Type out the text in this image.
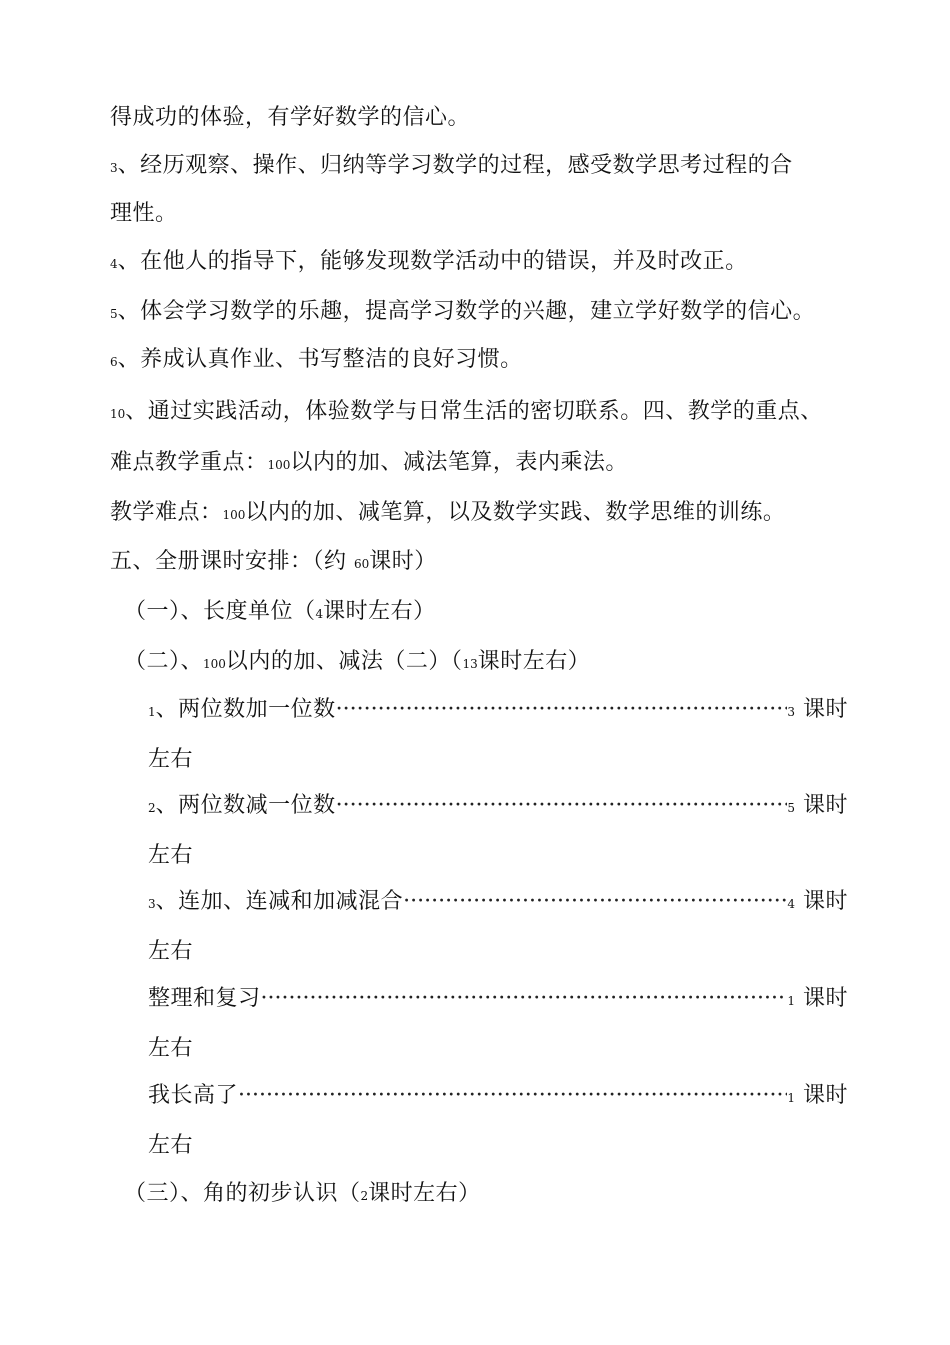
得成功的体验，有学好数学的信心。
3、经历观察、操作、归纳等学习数学的过程，感受数学思考过程的合
理性。
4、在他人的指导下，能够发现数学活动中的错误，并及时改正。
5、体会学习数学的乐趣，提高学习数学的兴趣，建立学好数学的信心。
6、养成认真作业、书写整洁的良好习惯。
10、通过实践活动，体验数学与日常生活的密切联系。四、教学的重点、
难点教学重点：100以内的加、减法笔算，表内乘法。
教学难点：100以内的加、减笔算，以及数学实践、数学思维的训练。
五、全册课时安排：（约 60课时）
（一）、长度单位（4课时左右）
（二）、100以内的加、减法（二）（13课时左右）
1、两位数加一位数 ·····	3 课时
左右
2、两位数减一位数 ·····	5 课时
左右
3、连加、连减和加减混合 ·····	4 课时
左右
整理和复习 ·····	1 课时
左右
我长高了 ·····	1 课时
左右
（三）、角的初步认识（2课时左右）
